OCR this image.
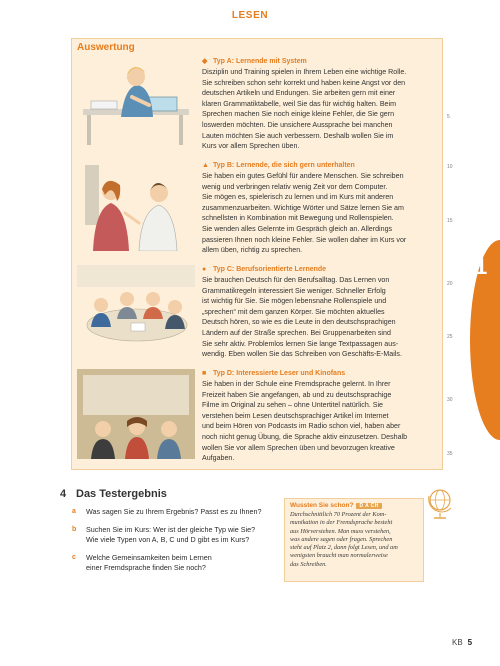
LESEN
Auswertung
◆ Typ A: Lernende mit System
Disziplin und Training spielen in Ihrem Leben eine wichtige Rolle.
Sie schreiben schon sehr korrekt und haben keine Angst vor den
deutschen Artikeln und Endungen. Sie arbeiten gern mit einer
klaren Grammatiktabelle, weil Sie das für wichtig halten. Beim
Sprechen machen Sie noch einige kleine Fehler, die Sie gern
loswerden möchten. Die unsichere Aussprache bei manchen
Lauten möchten Sie auch verbessern. Deshalb wollen Sie im
Kurs vor allem Sprechen üben.
▲ Typ B: Lernende, die sich gern unterhalten
Sie haben ein gutes Gefühl für andere Menschen. Sie schreiben
wenig und verbringen relativ wenig Zeit vor dem Computer.
Sie mögen es, spielerisch zu lernen und im Kurs mit anderen
zusammenzuarbeiten. Wichtige Wörter und Sätze lernen Sie am
schnellsten in Kombination mit Bewegung und Rollenspielen.
Sie wenden alles Gelernte im Gespräch gleich an. Allerdings
passieren Ihnen noch kleine Fehler. Sie wollen daher im Kurs vor
allem üben, richtig zu sprechen.
● Typ C: Berufsorientierte Lernende
Sie brauchen Deutsch für den Berufsalltag. Das Lernen von
Grammatikregeln interessiert Sie weniger. Schneller Erfolg
ist wichtig für Sie. Sie mögen lebensnahe Rollenspiele und
„sprechen“ mit dem ganzen Körper. Sie möchten aktuelles
Deutsch hören, so wie es die Leute in den deutschsprachigen
Ländern auf der Straße sprechen. Bei Gruppenarbeiten sind
Sie sehr aktiv. Problemlos lernen Sie lange Textpassagen aus-
wendig. Eben wollen Sie das Schreiben von Geschäfts-E-Mails.
■ Typ D: Interessierte Leser und Kinofans
Sie haben in der Schule eine Fremdsprache gelernt. In Ihrer
Freizeit haben Sie angefangen, ab und zu deutschsprachige
Filme im Original zu sehen – ohne Untertitel natürlich. Sie
verstehen beim Lesen deutschsprachiger Artikel im Internet
und beim Hören von Podcasts im Radio schon viel, haben aber
noch nicht genug Übung, die Sprache aktiv einzusetzen. Deshalb
wollen Sie vor allem Sprechen üben und bevorzugen kreative
Aufgaben.
5
10
15
20
25
30
35
1
4 Das Testergebnis
a Was sagen Sie zu Ihrem Ergebnis? Passt es zu Ihnen?
b Suchen Sie im Kurs: Wer ist der gleiche Typ wie Sie?
Wie viele Typen von A, B, C und D gibt es im Kurs?
c Welche Gemeinsamkeiten beim Lernen
einer Fremdsprache finden Sie noch?
Wussten Sie schon? D A CH
Durchschnittlich 70 Prozent der Kom-
munikation in der Fremdsprache besteht
aus Hörverstehen. Man muss verstehen,
was andere sagen oder fragen. Sprechen
steht auf Platz 2, dann folgt Lesen, und am
wenigsten braucht man normalerweise
das Schreiben.
KB 5
